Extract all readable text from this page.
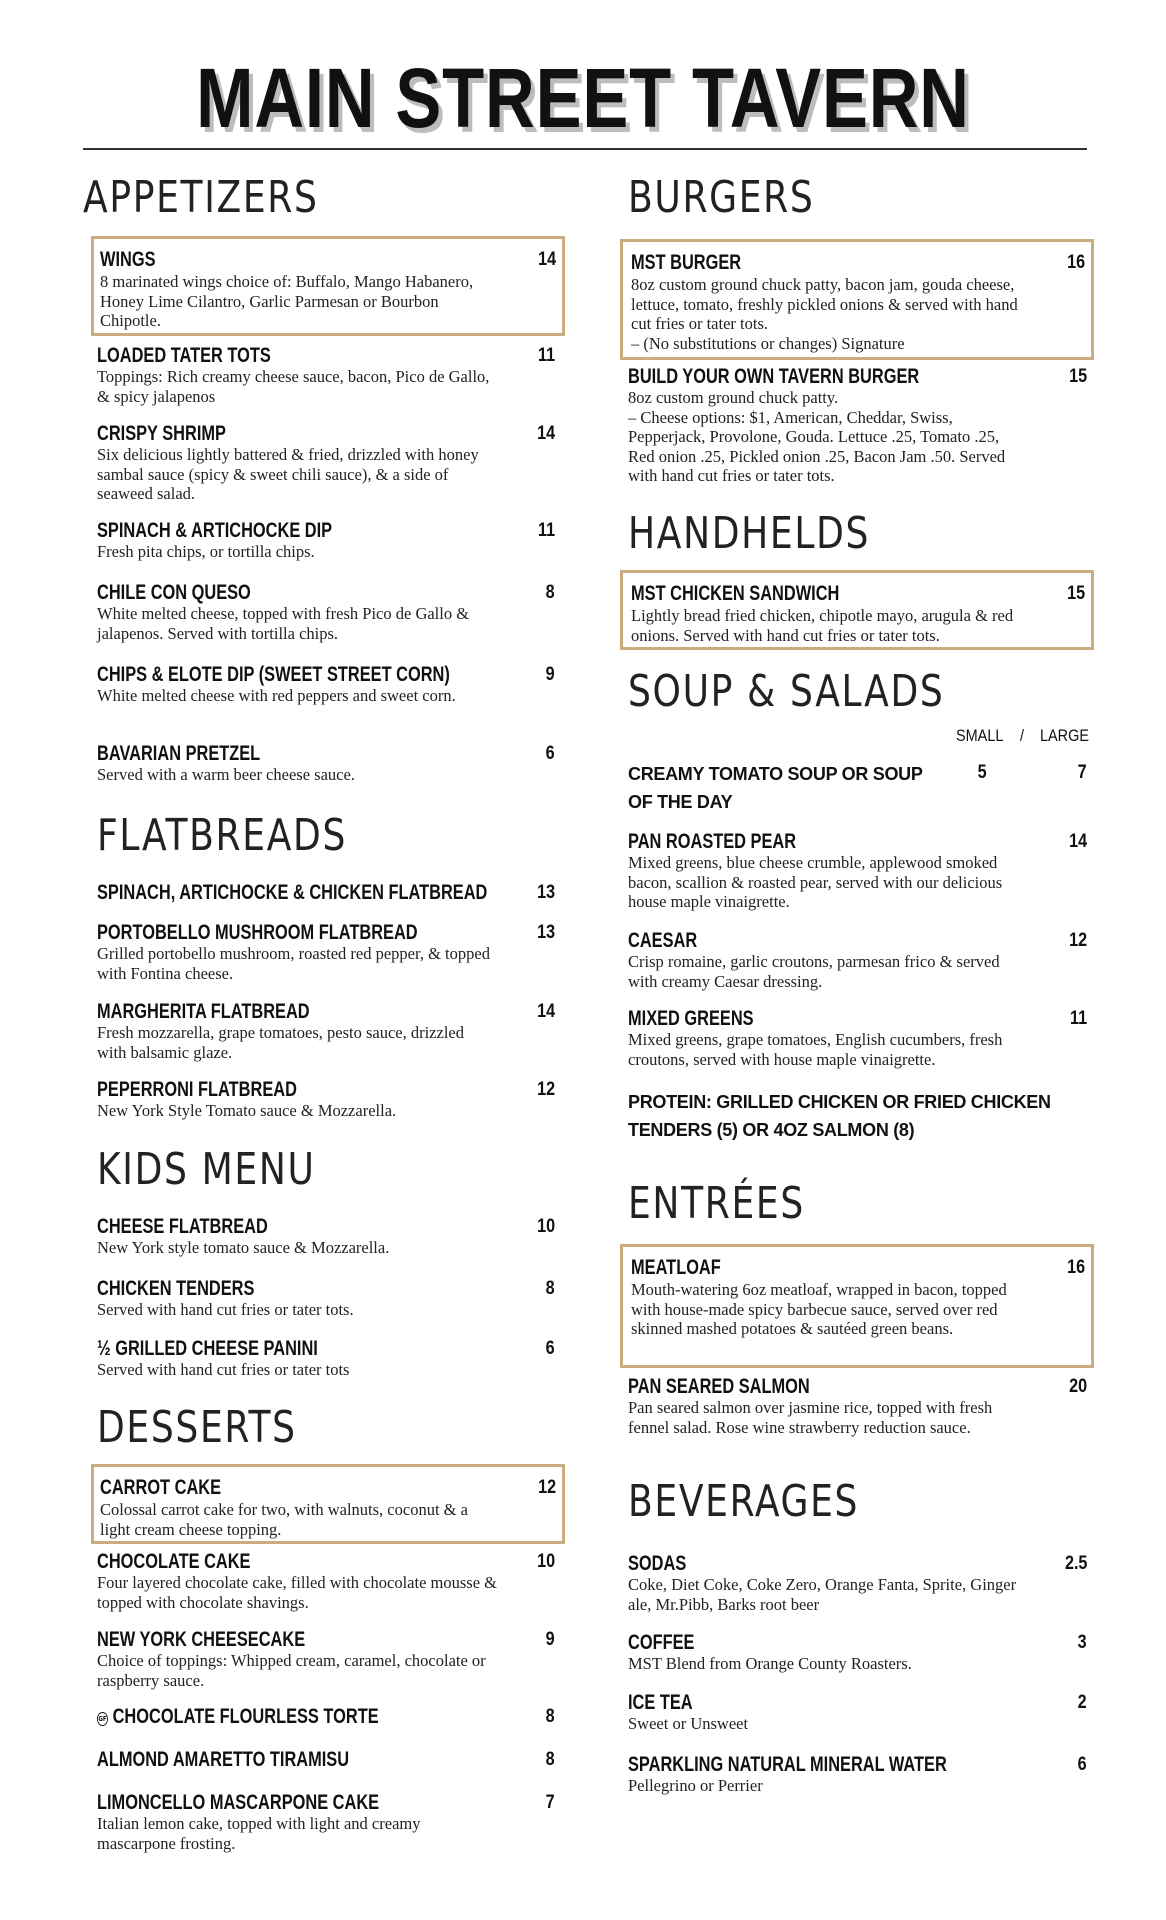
MAIN STREET TAVERN
APPETIZERS
WINGS	14
8 marinated wings choice of: Buffalo, Mango Habanero, Honey Lime Cilantro, Garlic Parmesan or Bourbon Chipotle.
LOADED TATER TOTS	11
Toppings: Rich creamy cheese sauce, bacon, Pico de Gallo, & spicy jalapenos
CRISPY SHRIMP	14
Six delicious lightly battered & fried, drizzled with honey sambal sauce (spicy & sweet chili sauce), & a side of seaweed salad.
SPINACH & ARTICHOCKE DIP	11
Fresh pita chips, or tortilla chips.
CHILE CON QUESO	8
White melted cheese, topped with fresh Pico de Gallo & jalapenos. Served with tortilla chips.
CHIPS & ELOTE DIP (SWEET STREET CORN)	9
White melted cheese with red peppers and sweet corn.
BAVARIAN PRETZEL	6
Served with a warm beer cheese sauce.
FLATBREADS
SPINACH, ARTICHOCKE & CHICKEN FLATBREAD	13
PORTOBELLO MUSHROOM FLATBREAD	13
Grilled portobello mushroom, roasted red pepper, & topped with Fontina cheese.
MARGHERITA FLATBREAD	14
Fresh mozzarella, grape tomatoes, pesto sauce, drizzled with balsamic glaze.
PEPERRONI FLATBREAD	12
New York Style Tomato sauce & Mozzarella.
KIDS MENU
CHEESE FLATBREAD	10
New York style tomato sauce & Mozzarella.
CHICKEN TENDERS	8
Served with hand cut fries or tater tots.
½ GRILLED CHEESE PANINI	6
Served with hand cut fries or tater tots
DESSERTS
CARROT CAKE	12
Colossal carrot cake for two, with walnuts, coconut & a light cream cheese topping.
CHOCOLATE CAKE	10
Four layered chocolate cake, filled with chocolate mousse & topped with chocolate shavings.
NEW YORK CHEESECAKE	9
Choice of toppings: Whipped cream, caramel, chocolate or raspberry sauce.
GF CHOCOLATE FLOURLESS TORTE	8
ALMOND AMARETTO TIRAMISU	8
LIMONCELLO MASCARPONE CAKE	7
Italian lemon cake, topped with light and creamy mascarpone frosting.
BURGERS
MST BURGER	16
8oz custom ground chuck patty, bacon jam, gouda cheese, lettuce, tomato, freshly pickled onions & served with hand cut fries or tater tots.
– (No substitutions or changes) Signature
BUILD YOUR OWN TAVERN BURGER	15
8oz custom ground chuck patty.
– Cheese options: $1, American, Cheddar, Swiss, Pepperjack, Provolone, Gouda. Lettuce .25, Tomato .25, Red onion .25, Pickled onion .25, Bacon Jam .50. Served with hand cut fries or tater tots.
HANDHELDS
MST CHICKEN SANDWICH	15
Lightly bread fried chicken, chipotle mayo, arugula & red onions. Served with hand cut fries or tater tots.
SOUP & SALADS
SMALL / LARGE
CREAMY TOMATO SOUP OR SOUP OF THE DAY
5	7
PAN ROASTED PEAR	14
Mixed greens, blue cheese crumble, applewood smoked bacon, scallion & roasted pear, served with our delicious house maple vinaigrette.
CAESAR	12
Crisp romaine, garlic croutons, parmesan frico & served with creamy Caesar dressing.
MIXED GREENS	11
Mixed greens, grape tomatoes, English cucumbers, fresh croutons, served with house maple vinaigrette.
PROTEIN: GRILLED CHICKEN OR FRIED CHICKEN TENDERS (5) OR 4OZ SALMON (8)
ENTRÉES
MEATLOAF	16
Mouth-watering 6oz meatloaf, wrapped in bacon, topped with house-made spicy barbecue sauce, served over red skinned mashed potatoes & sautéed green beans.
PAN SEARED SALMON	20
Pan seared salmon over jasmine rice, topped with fresh fennel salad. Rose wine strawberry reduction sauce.
BEVERAGES
SODAS	2.5
Coke, Diet Coke, Coke Zero, Orange Fanta, Sprite, Ginger ale, Mr.Pibb, Barks root beer
COFFEE	3
MST Blend from Orange County Roasters.
ICE TEA	2
Sweet or Unsweet
SPARKLING NATURAL MINERAL WATER	6
Pellegrino or Perrier
